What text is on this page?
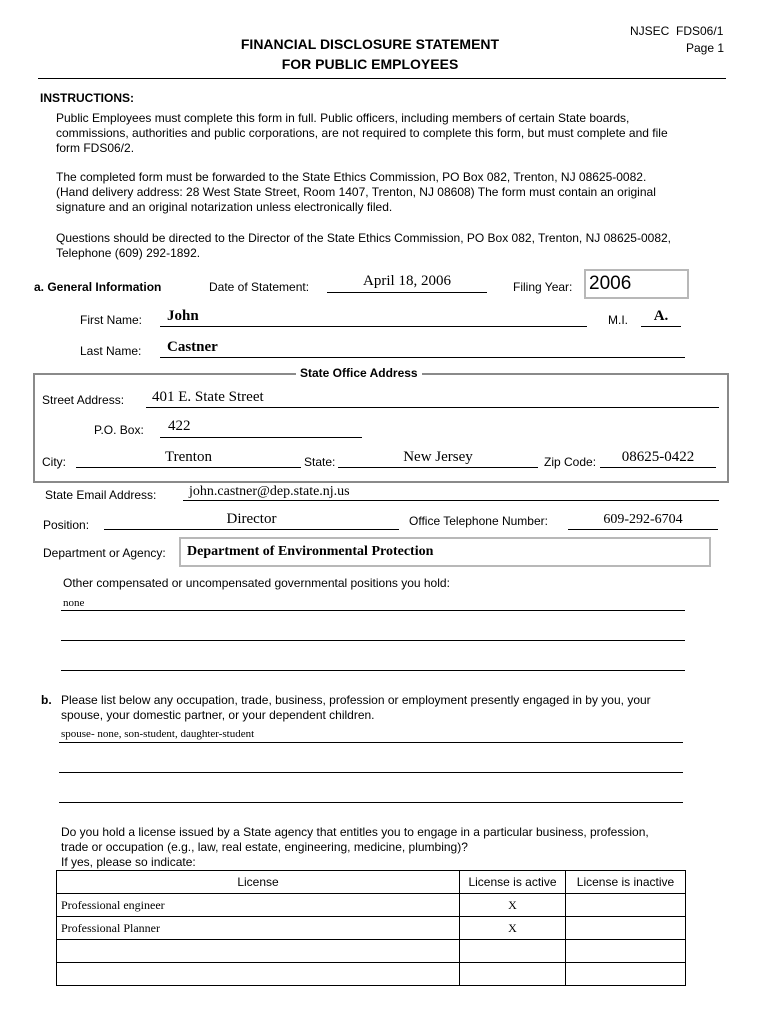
NJSEC  FDS06/1
Page 1
FINANCIAL DISCLOSURE STATEMENT
FOR PUBLIC EMPLOYEES
INSTRUCTIONS:
Public Employees must complete this form in full. Public officers, including members of certain State boards,
commissions, authorities and public corporations, are not required to complete this form, but must complete and file
form FDS06/2.
The completed form must be forwarded to the State Ethics Commission, PO Box 082, Trenton, NJ 08625-0082.
(Hand delivery address: 28 West State Street, Room 1407, Trenton, NJ 08608) The form must contain an original
signature and an original notarization unless electronically filed.
Questions should be directed to the Director of the State Ethics Commission, PO Box 082, Trenton, NJ 08625-0082,
Telephone (609) 292-1892.
a. General Information	Date of Statement:	April 18, 2006	Filing Year: 2006
First Name: John	M.I.	A.
Last Name: Castner
State Office Address
Street Address: 401 E. State Street
P.O. Box: 422
City:	Trenton	State:	New Jersey	Zip Code:	08625-0422
State Email Address: john.castner@dep.state.nj.us
Position:	Director	Office Telephone Number:	609-292-6704
Department or Agency:	Department of Environmental Protection
Other compensated or uncompensated governmental positions you hold:
none
b. Please list below any occupation, trade, business, profession or employment presently engaged in by you, your
spouse, your domestic partner, or your dependent children.
spouse- none, son-student, daughter-student
Do you hold a license issued by a State agency that entitles you to engage in a particular business, profession,
trade or occupation (e.g., law, real estate, engineering, medicine, plumbing)?
If yes, please so indicate:
License	License is active	License is inactive
Professional engineer	X	
Professional Planner	X	
